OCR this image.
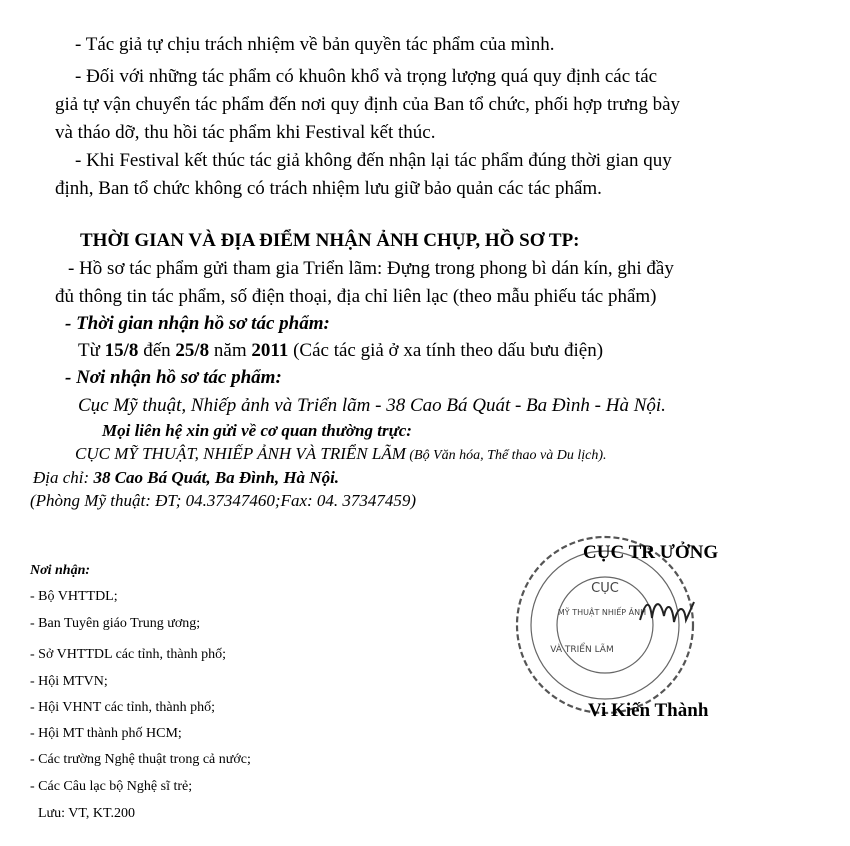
- Tác giả tự chịu trách nhiệm về bản quyền tác phẩm của mình.
- Đối với những tác phẩm có khuôn khổ và trọng lượng quá quy định các tác
giả tự vận chuyển tác phẩm đến nơi quy định của Ban tổ chức, phối hợp trưng bày
và tháo dỡ, thu hồi tác phẩm khi Festival kết thúc.
- Khi Festival kết thúc tác giả không đến nhận lại tác phẩm đúng thời gian quy
định, Ban tổ chức không có trách nhiệm lưu giữ bảo quản các tác phẩm.
THỜI GIAN VÀ ĐỊA ĐIỂM NHẬN ẢNH CHỤP, HỒ SƠ TP:
- Hồ sơ tác phẩm gửi tham gia Triển lãm: Đựng trong phong bì dán kín, ghi đầy
đủ thông tin tác phẩm, số điện thoại, địa chỉ liên lạc (theo mẫu phiếu tác phẩm)
- Thời gian nhận hồ sơ tác phẩm:
Từ 15/8 đến 25/8 năm 2011 (Các tác giả ở xa tính theo dấu bưu điện)
- Nơi nhận hồ sơ tác phẩm:
Cục Mỹ thuật, Nhiếp ảnh và Triển lãm - 38 Cao Bá Quát - Ba Đình - Hà Nội.
Mọi liên hệ xin gửi về cơ quan thường trực:
CỤC MỸ THUẬT, NHIẾP ẢNH VÀ TRIỂN LÃM (Bộ Văn hóa, Thể thao và Du lịch).
Địa chỉ: 38 Cao Bá Quát, Ba Đình, Hà Nội.
(Phòng Mỹ thuật: ĐT; 04.37347460;Fax: 04. 37347459)
Nơi nhận:
- Bộ VHTTDL;
- Ban Tuyên giáo Trung ương;
- Sở VHTTDL các tỉnh, thành phố;
- Hội MTVN;
- Hội VHNT các tỉnh, thành phố;
- Hội MT thành phố HCM;
- Các trường Nghệ thuật trong cả nước;
- Các Câu lạc bộ Nghệ sĩ trẻ;
Lưu: VT, KT.200
CỤC
MỸ THUẬT NHIẾP ẢNH
VÀ TRIỂN LÃM
CỤC TR ƯỞNG
Vi Kiến Thành
